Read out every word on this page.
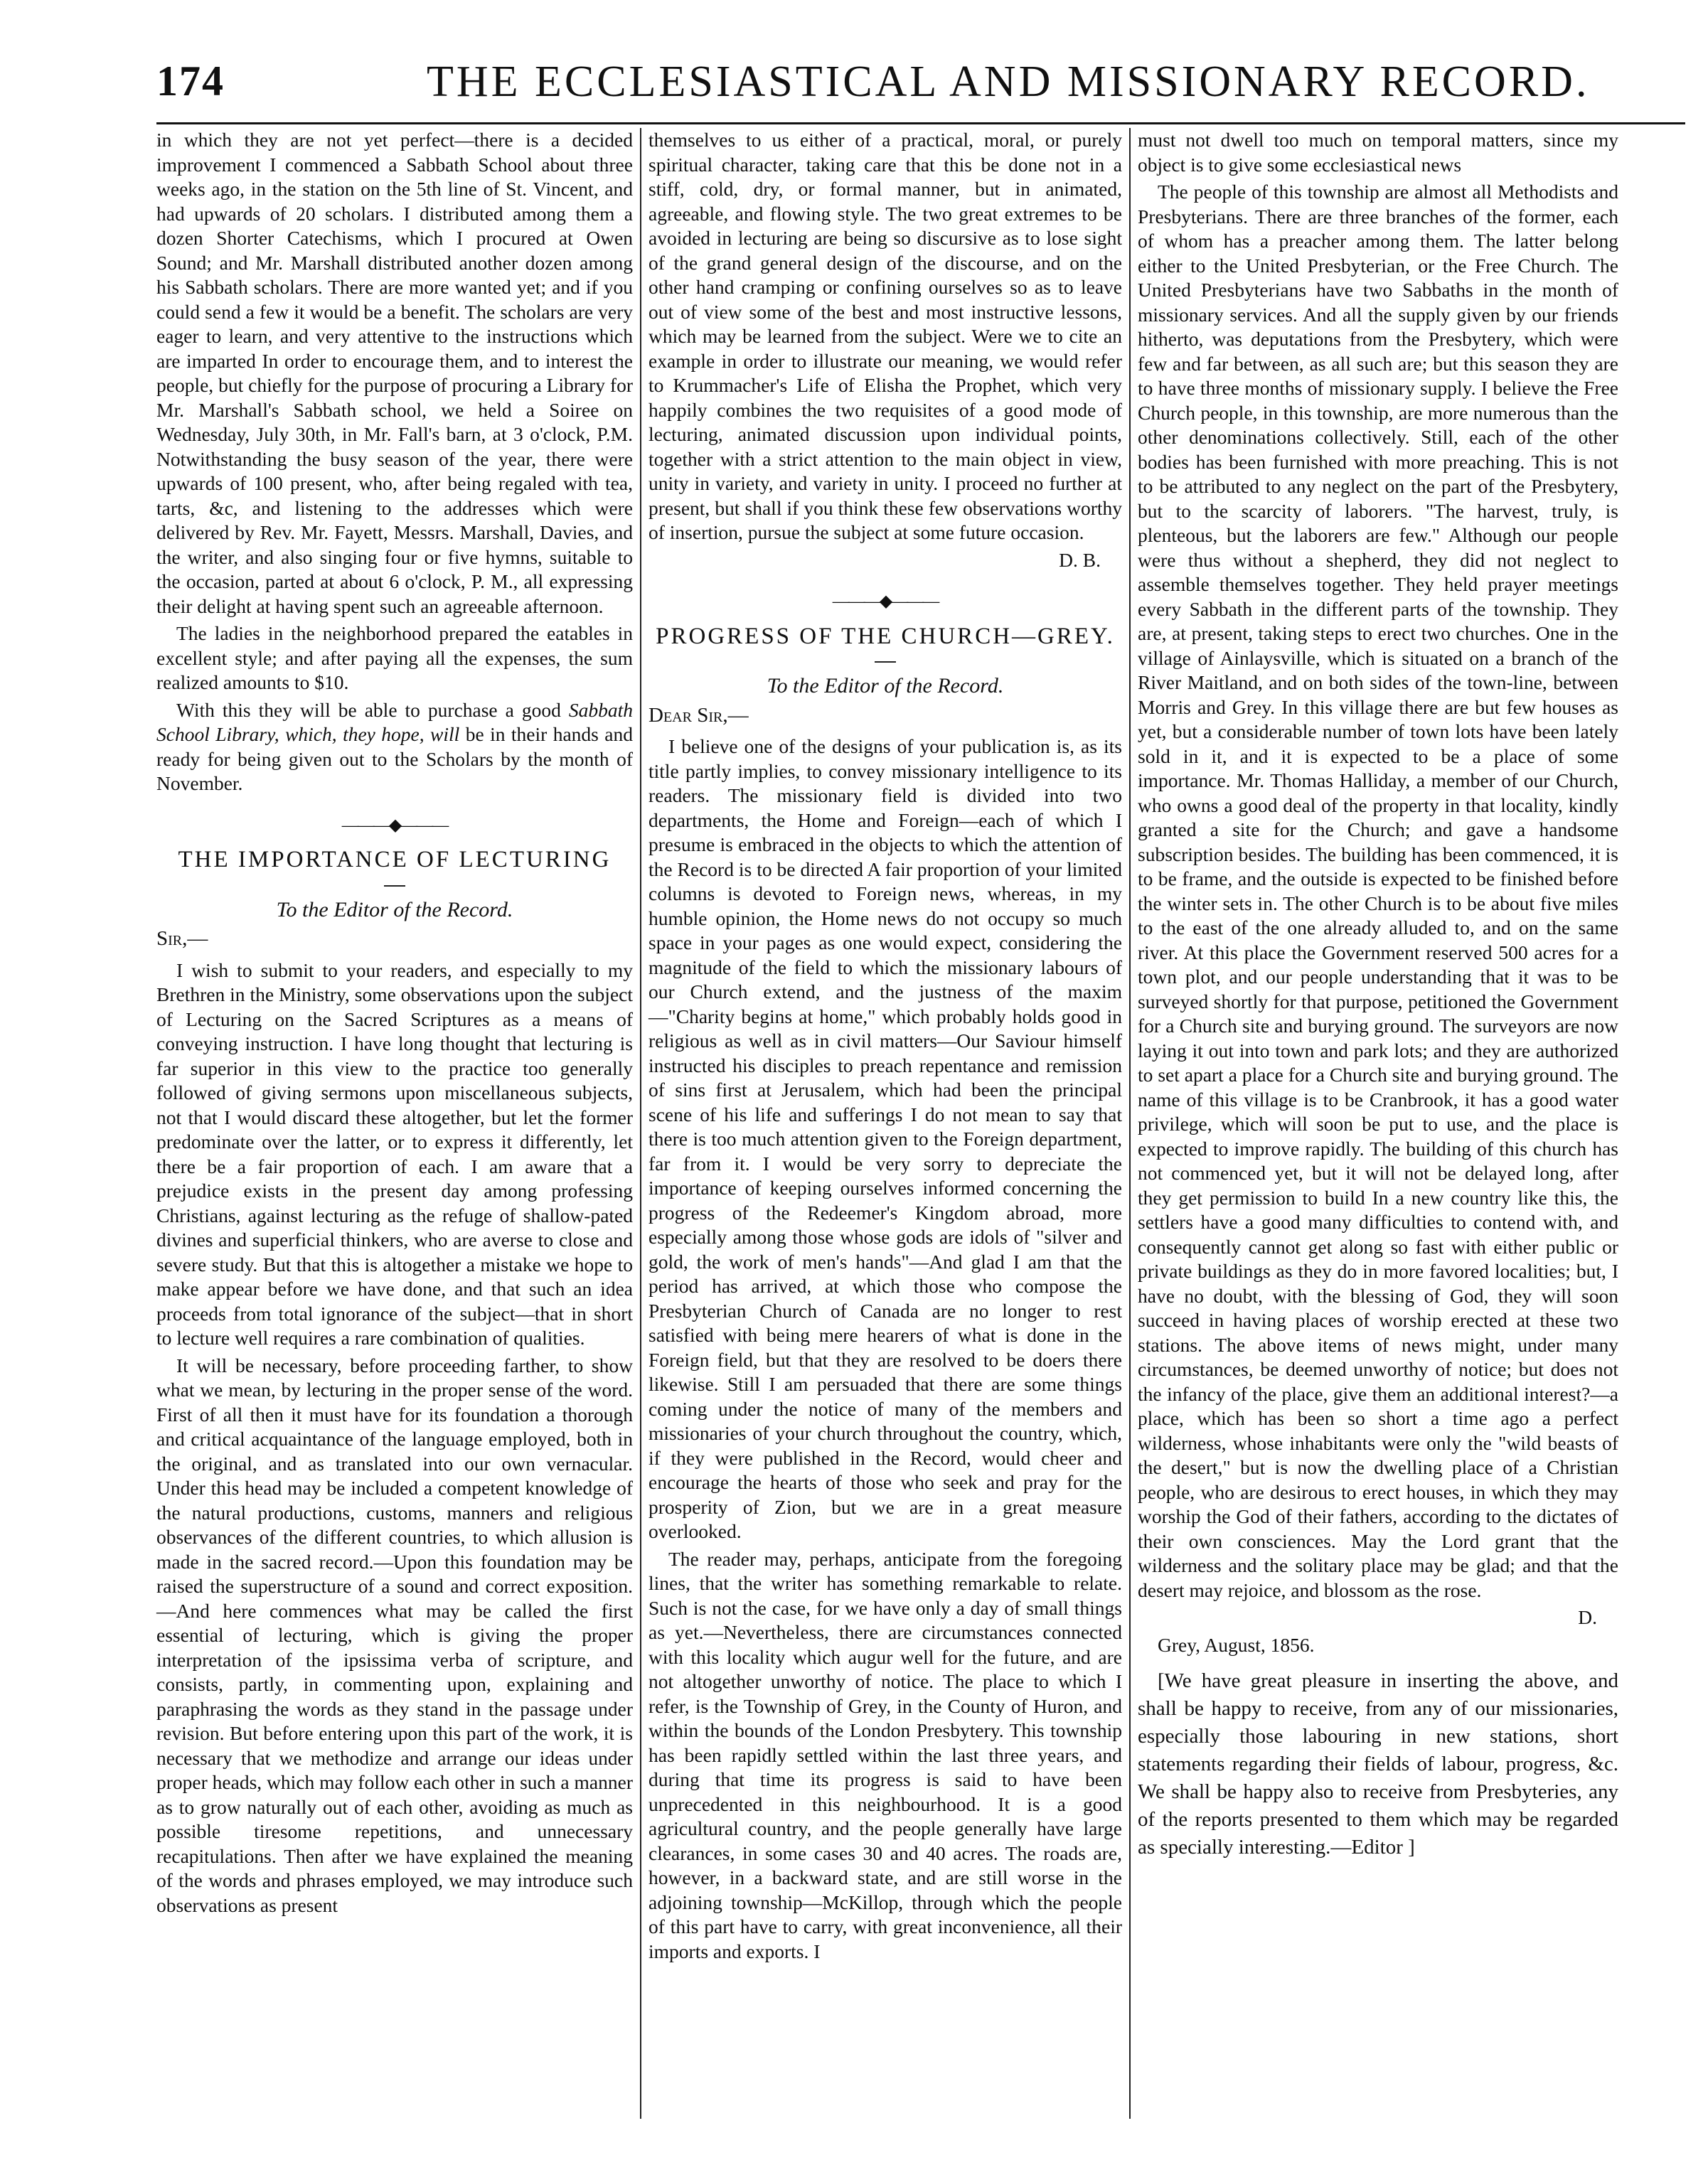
174	THE ECCLESIASTICAL AND MISSIONARY RECORD.

in which they are not yet perfect—there is a decided improvement I commenced a Sabbath School about three weeks ago, in the station on the 5th line of St. Vincent, and had upwards of 20 scholars. I distributed among them a dozen Shorter Catechisms, which I procured at Owen Sound; and Mr. Marshall distributed another dozen among his Sabbath scholars. There are more wanted yet; and if you could send a few it would be a benefit. The scholars are very eager to learn, and very attentive to the instructions which are imparted In order to encourage them, and to interest the people, but chiefly for the purpose of procuring a Library for Mr. Marshall's Sabbath school, we held a Soiree on Wednesday, July 30th, in Mr. Fall's barn, at 3 o'clock, P.M. Notwithstanding the busy season of the year, there were upwards of 100 present, who, after being regaled with tea, tarts, &c, and listening to the addresses which were delivered by Rev. Mr. Fayett, Messrs. Marshall, Davies, and the writer, and also singing four or five hymns, suitable to the occasion, parted at about 6 o'clock, P. M., all expressing their delight at having spent such an agreeable afternoon.

The ladies in the neighborhood prepared the eatables in excellent style; and after paying all the expenses, the sum realized amounts to $10.

With this they will be able to purchase a good Sabbath School Library, which, they hope, will be in their hands and ready for being given out to the Scholars by the month of November.

———◆———
THE IMPORTANCE OF LECTURING
To the Editor of the Record.
Sir,—

I wish to submit to your readers, and especially to my Brethren in the Ministry, some observations upon the subject of Lecturing on the Sacred Scriptures as a means of conveying instruction. I have long thought that lecturing is far superior in this view to the practice too generally followed of giving sermons upon miscellaneous subjects, not that I would discard these altogether, but let the former predominate over the latter, or to express it differently, let there be a fair proportion of each. I am aware that a prejudice exists in the present day among professing Christians, against lecturing as the refuge of shallow-pated divines and superficial thinkers, who are averse to close and severe study. But that this is altogether a mistake we hope to make appear before we have done, and that such an idea proceeds from total ignorance of the subject—that in short to lecture well requires a rare combination of qualities.

It will be necessary, before proceeding farther, to show what we mean, by lecturing in the proper sense of the word. First of all then it must have for its foundation a thorough and critical acquaintance of the language employed, both in the original, and as translated into our own vernacular. Under this head may be included a competent knowledge of the natural productions, customs, manners and religious observances of the different countries, to which allusion is made in the sacred record.—Upon this foundation may be raised the superstructure of a sound and correct exposition.—And here commences what may be called the first essential of lecturing, which is giving the proper interpretation of the ipsissima verba of scripture, and consists, partly, in commenting upon, explaining and paraphrasing the words as they stand in the passage under revision. But before entering upon this part of the work, it is necessary that we methodize and arrange our ideas under proper heads, which may follow each other in such a manner as to grow naturally out of each other, avoiding as much as possible tiresome repetitions, and unnecessary recapitulations. Then after we have explained the meaning of the words and phrases employed, we may introduce such observations as present

themselves to us either of a practical, moral, or purely spiritual character, taking care that this be done not in a stiff, cold, dry, or formal manner, but in animated, agreeable, and flowing style. The two great extremes to be avoided in lecturing are being so discursive as to lose sight of the grand general design of the discourse, and on the other hand cramping or confining ourselves so as to leave out of view some of the best and most instructive lessons, which may be learned from the subject. Were we to cite an example in order to illustrate our meaning, we would refer to Krummacher's Life of Elisha the Prophet, which very happily combines the two requisites of a good mode of lecturing, animated discussion upon individual points, together with a strict attention to the main object in view, unity in variety, and variety in unity. I proceed no further at present, but shall if you think these few observations worthy of insertion, pursue the subject at some future occasion.

D. B.
———◆———
PROGRESS OF THE CHURCH—GREY.
To the Editor of the Record.
Dear Sir,—

I believe one of the designs of your publication is, as its title partly implies, to convey missionary intelligence to its readers. The missionary field is divided into two departments, the Home and Foreign—each of which I presume is embraced in the objects to which the attention of the Record is to be directed A fair proportion of your limited columns is devoted to Foreign news, whereas, in my humble opinion, the Home news do not occupy so much space in your pages as one would expect, considering the magnitude of the field to which the missionary labours of our Church extend, and the justness of the maxim—"Charity begins at home," which probably holds good in religious as well as in civil matters—Our Saviour himself instructed his disciples to preach repentance and remission of sins first at Jerusalem, which had been the principal scene of his life and sufferings I do not mean to say that there is too much attention given to the Foreign department, far from it. I would be very sorry to depreciate the importance of keeping ourselves informed concerning the progress of the Redeemer's Kingdom abroad, more especially among those whose gods are idols of "silver and gold, the work of men's hands"—And glad I am that the period has arrived, at which those who compose the Presbyterian Church of Canada are no longer to rest satisfied with being mere hearers of what is done in the Foreign field, but that they are resolved to be doers there likewise. Still I am persuaded that there are some things coming under the notice of many of the members and missionaries of your church throughout the country, which, if they were published in the Record, would cheer and encourage the hearts of those who seek and pray for the prosperity of Zion, but we are in a great measure overlooked.

The reader may, perhaps, anticipate from the foregoing lines, that the writer has something remarkable to relate. Such is not the case, for we have only a day of small things as yet.—Nevertheless, there are circumstances connected with this locality which augur well for the future, and are not altogether unworthy of notice. The place to which I refer, is the Township of Grey, in the County of Huron, and within the bounds of the London Presbytery. This township has been rapidly settled within the last three years, and during that time its progress is said to have been unprecedented in this neighbourhood. It is a good agricultural country, and the people generally have large clearances, in some cases 30 and 40 acres. The roads are, however, in a backward state, and are still worse in the adjoining township—McKillop, through which the people of this part have to carry, with great inconvenience, all their imports and exports. I

must not dwell too much on temporal matters, since my object is to give some ecclesiastical news

The people of this township are almost all Methodists and Presbyterians. There are three branches of the former, each of whom has a preacher among them. The latter belong either to the United Presbyterian, or the Free Church. The United Presbyterians have two Sabbaths in the month of missionary services. And all the supply given by our friends hitherto, was deputations from the Presbytery, which were few and far between, as all such are; but this season they are to have three months of missionary supply. I believe the Free Church people, in this township, are more numerous than the other denominations collectively. Still, each of the other bodies has been furnished with more preaching. This is not to be attributed to any neglect on the part of the Presbytery, but to the scarcity of laborers. "The harvest, truly, is plenteous, but the laborers are few." Although our people were thus without a shepherd, they did not neglect to assemble themselves together. They held prayer meetings every Sabbath in the different parts of the township. They are, at present, taking steps to erect two churches. One in the village of Ainlaysville, which is situated on a branch of the River Maitland, and on both sides of the town-line, between Morris and Grey. In this village there are but few houses as yet, but a considerable number of town lots have been lately sold in it, and it is expected to be a place of some importance. Mr. Thomas Halliday, a member of our Church, who owns a good deal of the property in that locality, kindly granted a site for the Church; and gave a handsome subscription besides. The building has been commenced, it is to be frame, and the outside is expected to be finished before the winter sets in. The other Church is to be about five miles to the east of the one already alluded to, and on the same river. At this place the Government reserved 500 acres for a town plot, and our people understanding that it was to be surveyed shortly for that purpose, petitioned the Government for a Church site and burying ground. The surveyors are now laying it out into town and park lots; and they are authorized to set apart a place for a Church site and burying ground. The name of this village is to be Cranbrook, it has a good water privilege, which will soon be put to use, and the place is expected to improve rapidly. The building of this church has not commenced yet, but it will not be delayed long, after they get permission to build In a new country like this, the settlers have a good many difficulties to contend with, and consequently cannot get along so fast with either public or private buildings as they do in more favored localities; but, I have no doubt, with the blessing of God, they will soon succeed in having places of worship erected at these two stations. The above items of news might, under many circumstances, be deemed unworthy of notice; but does not the infancy of the place, give them an additional interest?—a place, which has been so short a time ago a perfect wilderness, whose inhabitants were only the "wild beasts of the desert," but is now the dwelling place of a Christian people, who are desirous to erect houses, in which they may worship the God of their fathers, according to the dictates of their own consciences. May the Lord grant that the wilderness and the solitary place may be glad; and that the desert may rejoice, and blossom as the rose.

D.
Grey, August, 1856.

[We have great pleasure in inserting the above, and shall be happy to receive, from any of our missionaries, especially those labouring in new stations, short statements regarding their fields of labour, progress, &c. We shall be happy also to receive from Presbyteries, any of the reports presented to them which may be regarded as specially interesting.—Editor ]
